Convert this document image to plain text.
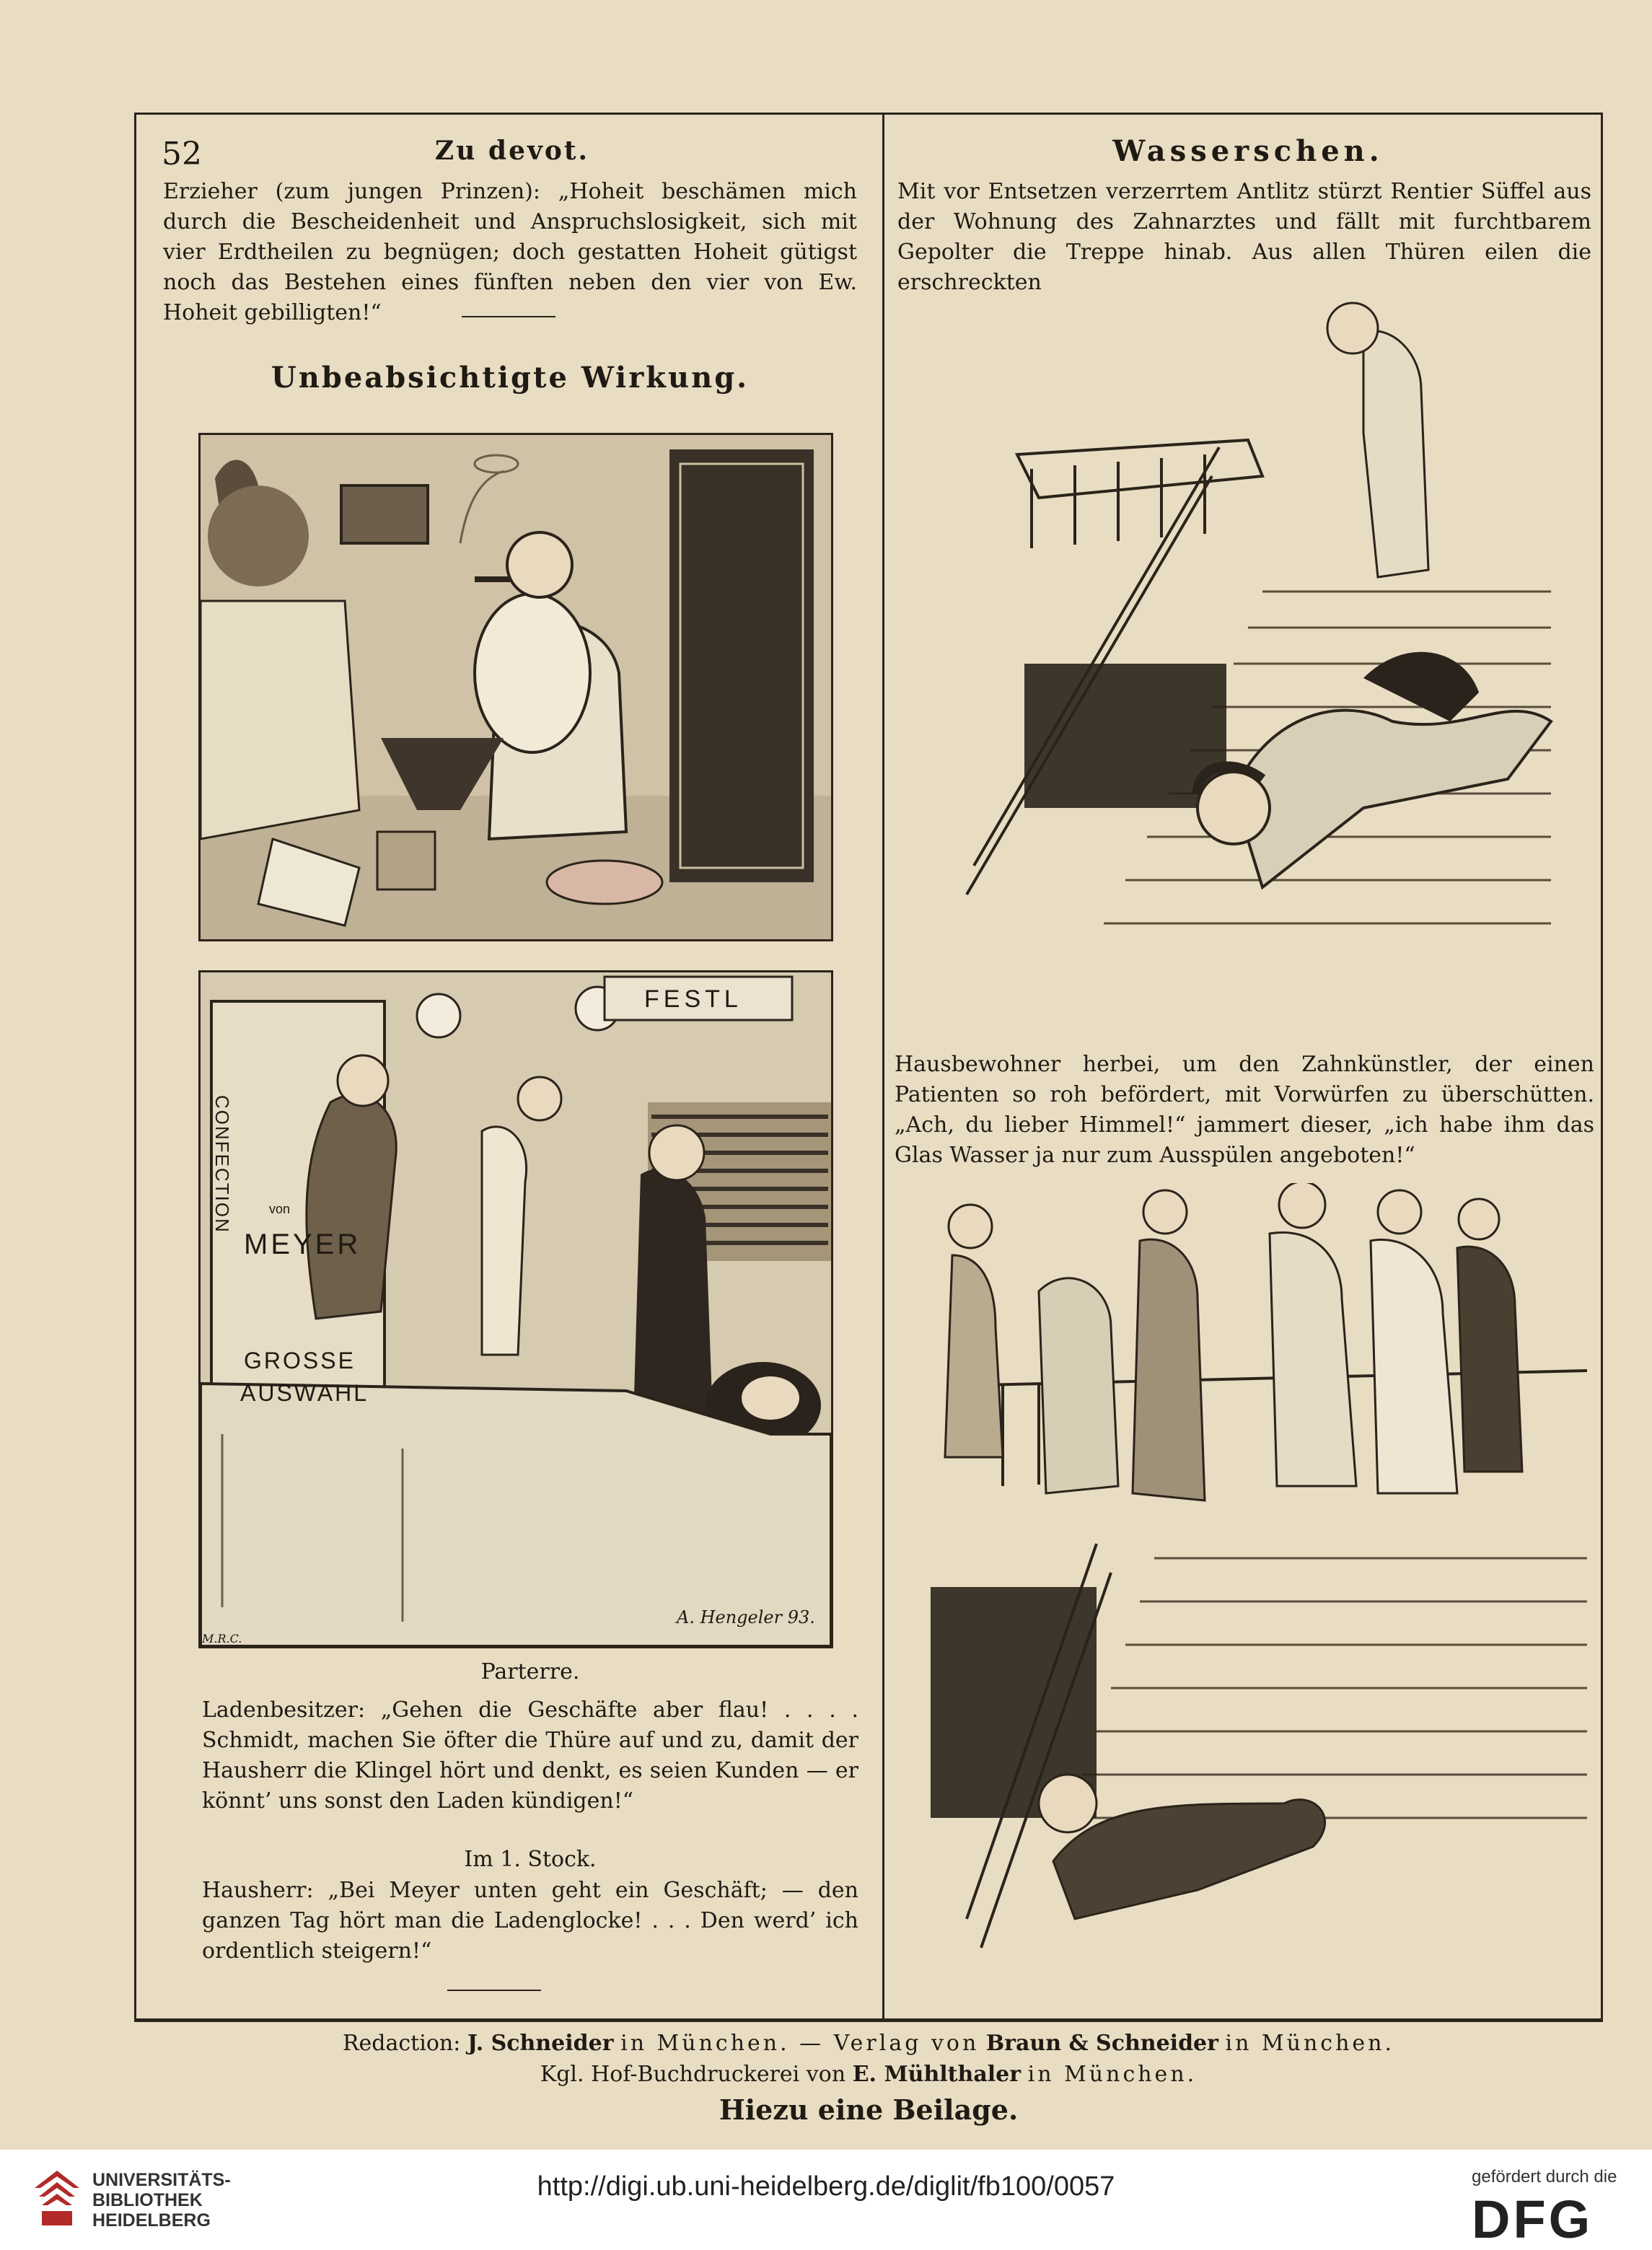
52	Zu devot.	Wasserschen.
Erzieher (zum jungen Prinzen): „Hoheit beschämen mich durch die Bescheidenheit und Anspruchslosigkeit, sich mit vier Erdtheilen zu begnügen; doch gestatten Hoheit gütigst noch das Bestehen eines fünften neben den vier von Ew. Hoheit gebilligten!“
Mit vor Entsetzen verzerrtem Antlitz stürzt Rentier Süffel aus der Wohnung des Zahnarztes und fällt mit furchtbarem Gepolter die Treppe hinab. Aus allen Thüren eilen die erschreckten
Unbeabsichtigte Wirkung.
FESTL
CONFECTION	von
MEYER
GROSSE
AUSWAHL
A. Hengeler 93.
M.R.C.
Parterre.
Ladenbesitzer: „Gehen die Geschäfte aber flau! . . . . Schmidt, machen Sie öfter die Thüre auf und zu, damit der Hausherr die Klingel hört und denkt, es seien Kunden — er könnt’ uns sonst den Laden kündigen!“
Im 1. Stock.
Hausherr: „Bei Meyer unten geht ein Geschäft; — den ganzen Tag hört man die Ladenglocke! . . . Den werd’ ich ordentlich steigern!“
Hausbewohner herbei, um den Zahnkünstler, der einen Patienten so roh befördert, mit Vorwürfen zu überschütten. „Ach, du lieber Himmel!“ jammert dieser, „ich habe ihm das Glas Wasser ja nur zum Ausspülen angeboten!“
Redaction: J. Schneider in München. — Verlag von Braun & Schneider in München.
Kgl. Hof-Buchdruckerei von E. Mühlthaler in München.
Hiezu eine Beilage.
UNIVERSITÄTS-
BIBLIOTHEK
HEIDELBERG
http://digi.ub.uni-heidelberg.de/diglit/fb100/0057	gefördert durch die
DFG
